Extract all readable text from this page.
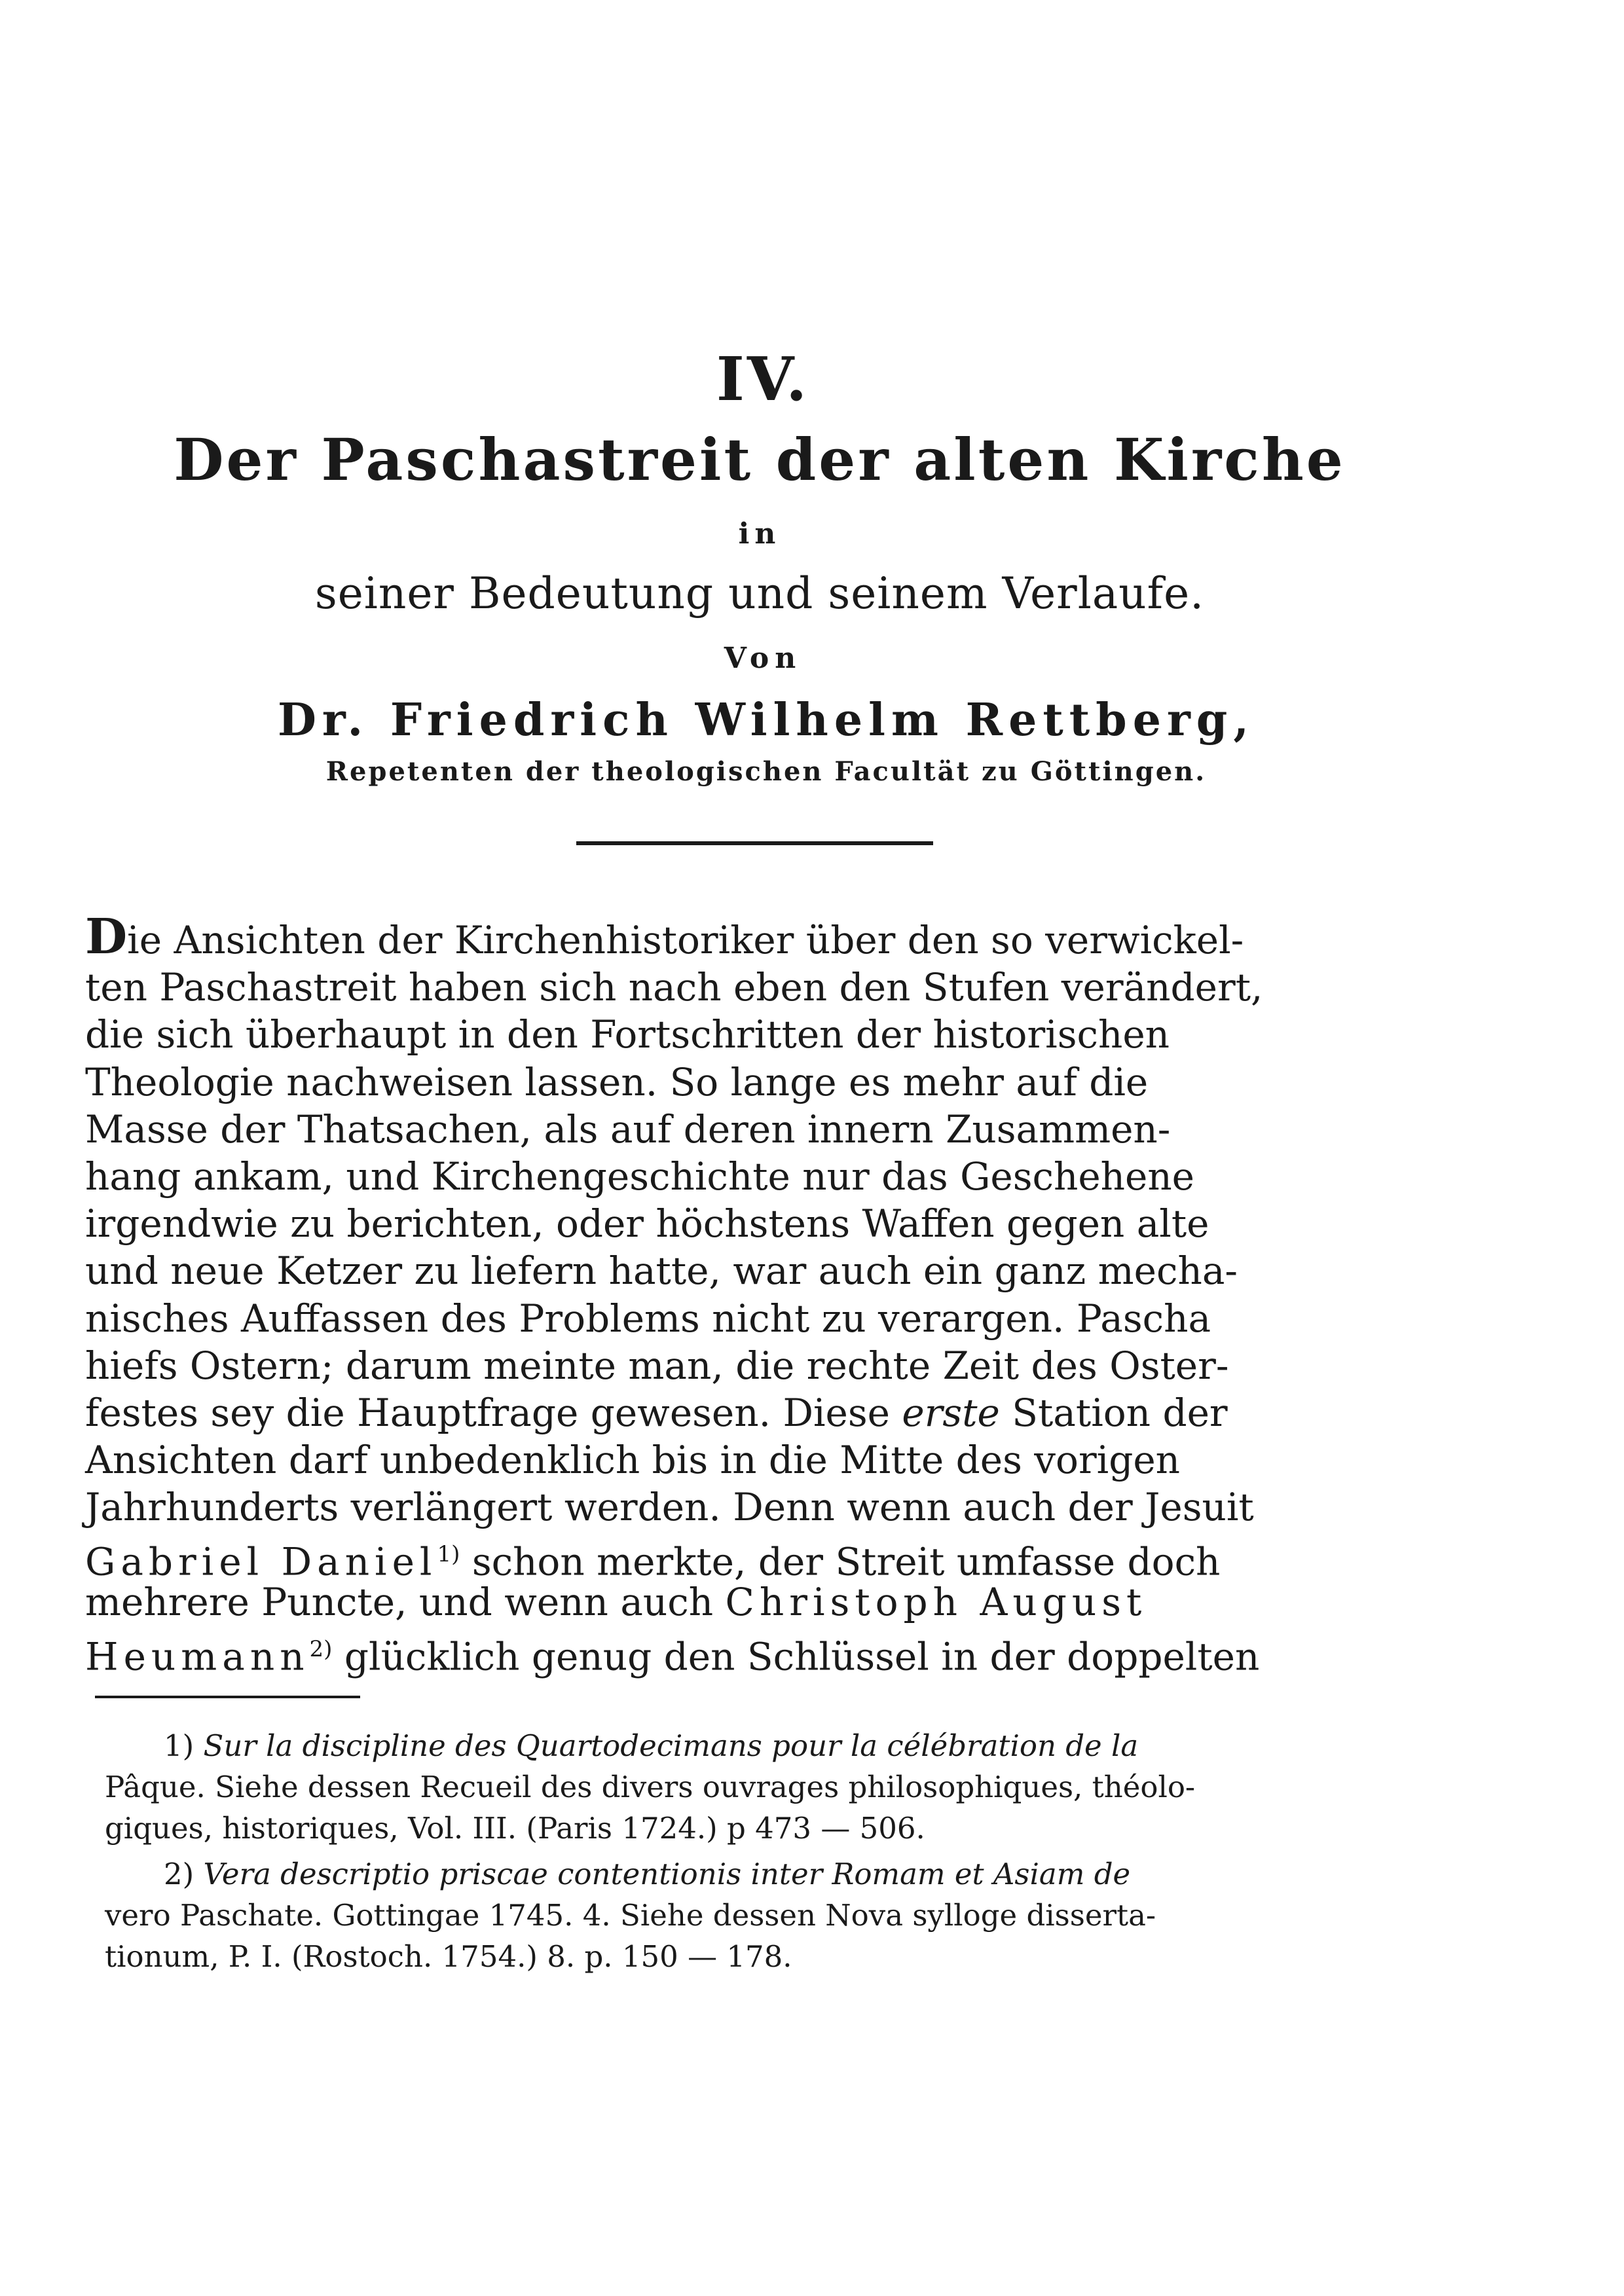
IV.
Der Paschastreit der alten Kirche
in
seiner Bedeutung und seinem Verlaufe.
Von
Dr. Friedrich Wilhelm Rettberg,
Repetenten der theologischen Facultät zu Göttingen.
Die Ansichten der Kirchenhistoriker über den so verwickel-
ten Paschastreit haben sich nach eben den Stufen verändert,
die sich überhaupt in den Fortschritten der historischen
Theologie nachweisen lassen. So lange es mehr auf die
Masse der Thatsachen, als auf deren innern Zusammen-
hang ankam, und Kirchengeschichte nur das Geschehene
irgendwie zu berichten, oder höchstens Waffen gegen alte
und neue Ketzer zu liefern hatte, war auch ein ganz mecha-
nisches Auffassen des Problems nicht zu verargen. Pascha
hiefs Ostern; darum meinte man, die rechte Zeit des Oster-
festes sey die Hauptfrage gewesen. Diese erste Station der
Ansichten darf unbedenklich bis in die Mitte des vorigen
Jahrhunderts verlängert werden. Denn wenn auch der Jesuit
Gabriel Daniel$^{1)}$ schon merkte, der Streit umfasse doch
mehrere Puncte, und wenn auch Christoph August
Heumann$^{2)}$ glücklich genug den Schlüssel in der doppelten
1) Sur la discipline des Quartodecimans pour la célébration de la
Pâque. Siehe dessen Recueil des divers ouvrages philosophiques, théolo-
giques, historiques, Vol. III. (Paris 1724.) p 473 — 506.
2) Vera descriptio priscae contentionis inter Romam et Asiam de
vero Paschate. Gottingae 1745. 4. Siehe dessen Nova sylloge disserta-
tionum, P. I. (Rostoch. 1754.) 8. p. 150 — 178.
